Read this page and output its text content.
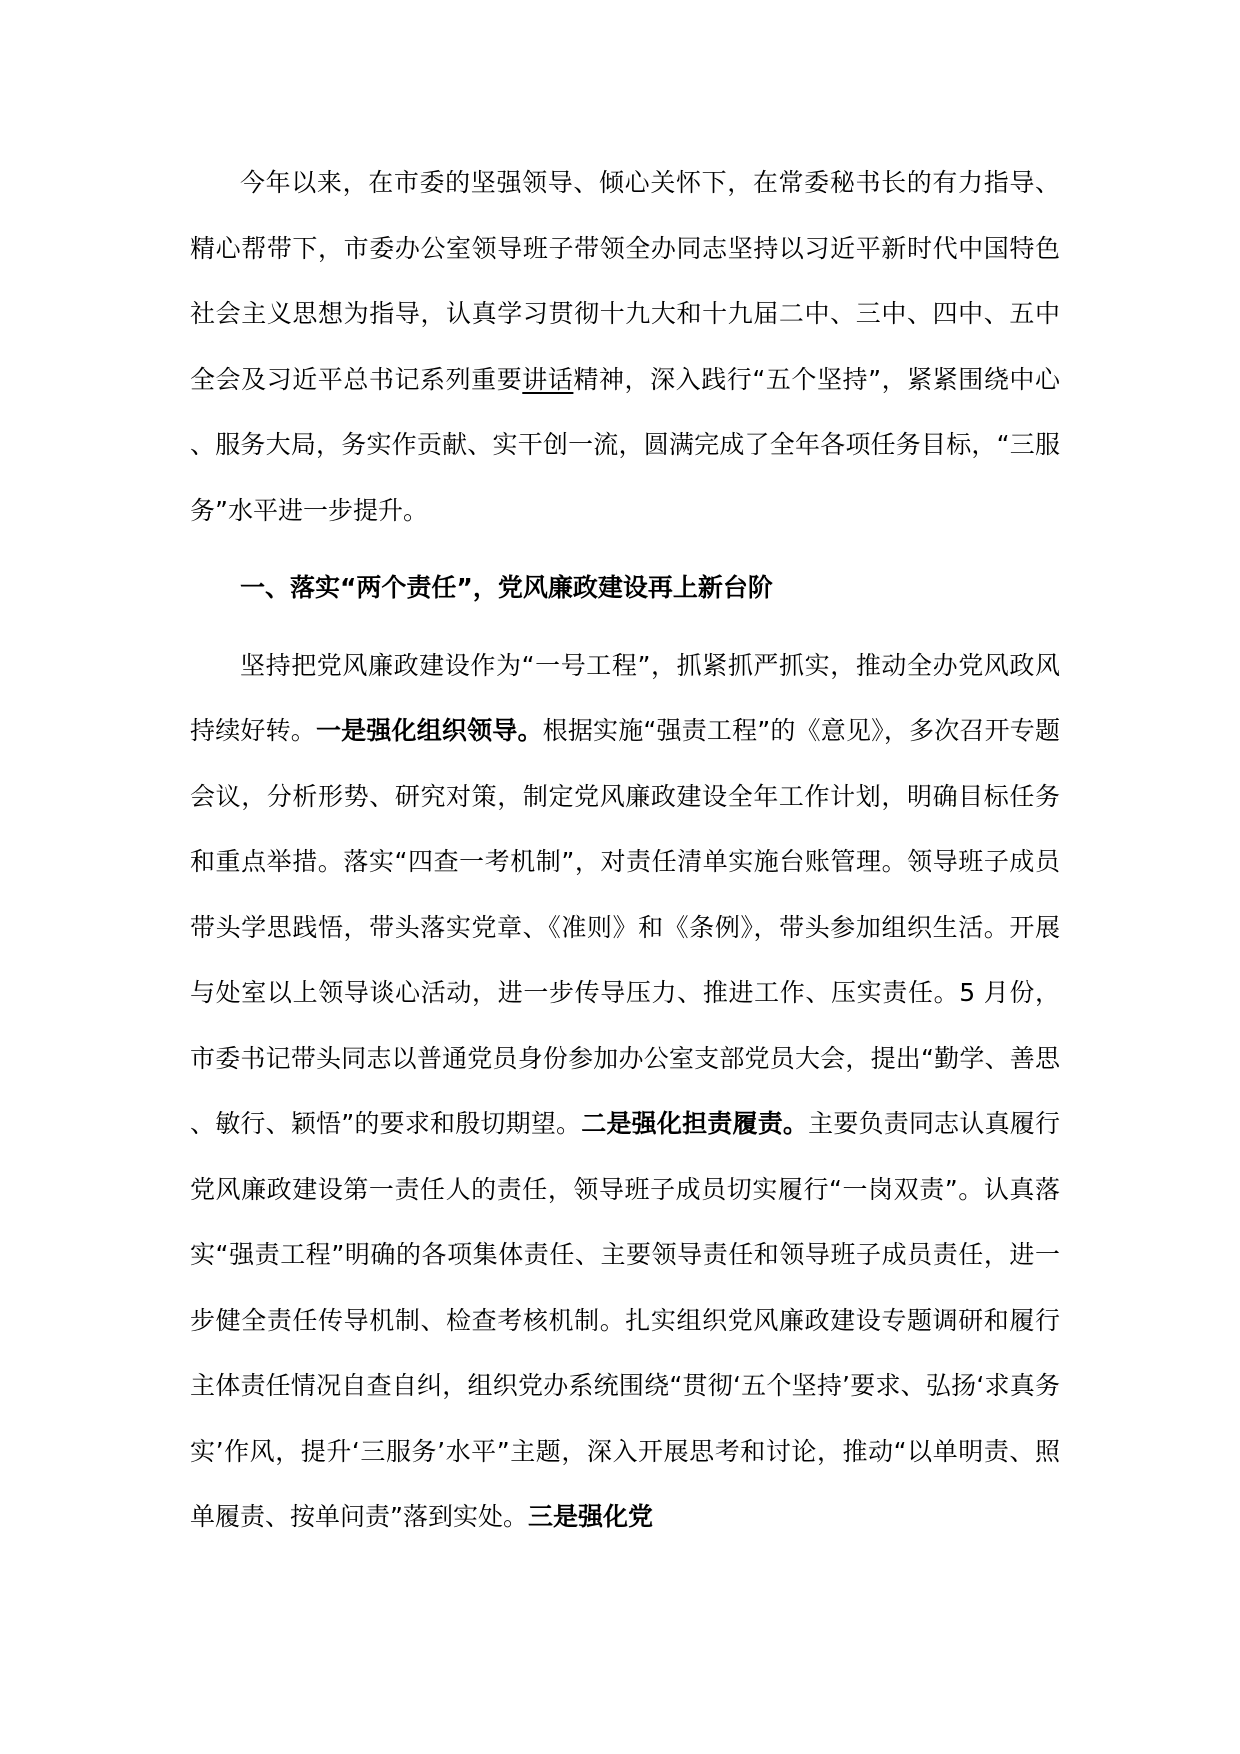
今年以来，在市委的坚强领导、倾心关怀下，在常委秘书长的有力指导、精心帮带下，市委办公室领导班子带领全办同志坚持以习近平新时代中国特色社会主义思想为指导，认真学习贯彻十九大和十九届二中、三中、四中、五中全会及习近平总书记系列重要讲话精神，深入践行“五个坚持”，紧紧围绕中心、服务大局，务实作贡献、实干创一流，圆满完成了全年各项任务目标，“三服务”水平进一步提升。

一、落实“两个责任”，党风廉政建设再上新台阶

坚持把党风廉政建设作为“一号工程”，抓紧抓严抓实，推动全办党风政风持续好转。一是强化组织领导。根据实施“强责工程”的《意见》，多次召开专题会议，分析形势、研究对策，制定党风廉政建设全年工作计划，明确目标任务和重点举措。落实“四查一考机制”，对责任清单实施台账管理。领导班子成员带头学思践悟，带头落实党章、《准则》和《条例》，带头参加组织生活。开展与处室以上领导谈心活动，进一步传导压力、推进工作、压实责任。5 月份，市委书记带头同志以普通党员身份参加办公室支部党员大会，提出“勤学、善思、敏行、颖悟”的要求和殷切期望。二是强化担责履责。主要负责同志认真履行党风廉政建设第一责任人的责任，领导班子成员切实履行“一岗双责”。认真落实“强责工程”明确的各项集体责任、主要领导责任和领导班子成员责任，进一步健全责任传导机制、检查考核机制。扎实组织党风廉政建设专题调研和履行主体责任情况自查自纠，组织党办系统围绕“贯彻‘五个坚持’要求、弘扬‘求真务实’作风，提升‘三服务’水平”主题，深入开展思考和讨论，推动“以单明责、照单履责、按单问责”落到实处。三是强化党
